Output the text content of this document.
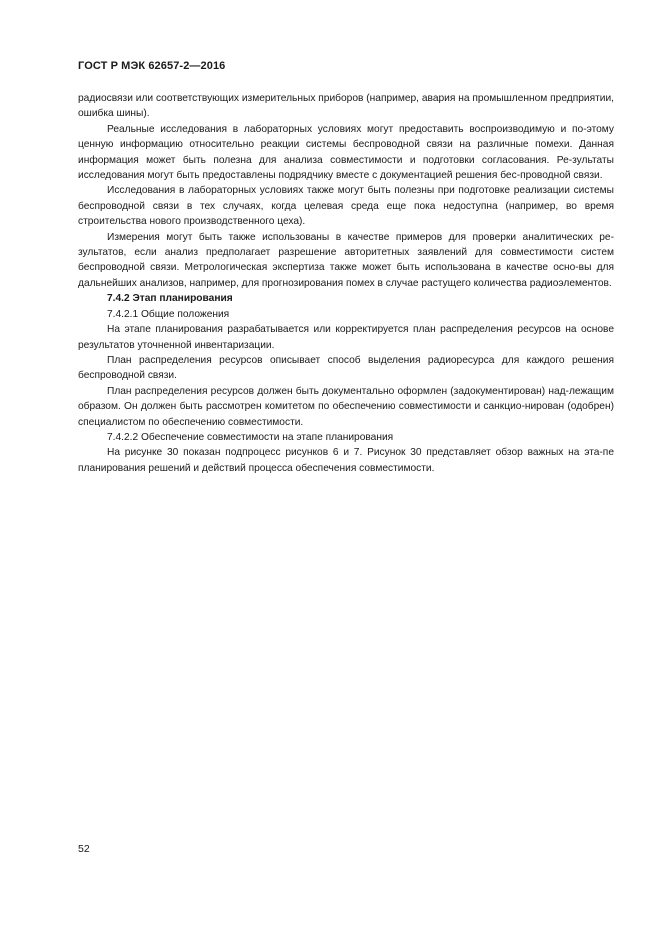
ГОСТ Р МЭК 62657-2—2016

радиосвязи или соответствующих измерительных приборов (например, авария на промышленном предприятии, ошибка шины).

Реальные исследования в лабораторных условиях могут предоставить воспроизводимую и по-этому ценную информацию относительно реакции системы беспроводной связи на различные помехи. Данная информация может быть полезна для анализа совместимости и подготовки согласования. Ре-зультаты исследования могут быть предоставлены подрядчику вместе с документацией решения бес-проводной связи.

Исследования в лабораторных условиях также могут быть полезны при подготовке реализации системы беспроводной связи в тех случаях, когда целевая среда еще пока недоступна (например, во время строительства нового производственного цеха).

Измерения могут быть также использованы в качестве примеров для проверки аналитических ре-зультатов, если анализ предполагает разрешение авторитетных заявлений для совместимости систем беспроводной связи. Метрологическая экспертиза также может быть использована в качестве осно-вы для дальнейших анализов, например, для прогнозирования помех в случае растущего количества радиоэлементов.

7.4.2 Этап планирования

7.4.2.1 Общие положения

На этапе планирования разрабатывается или корректируется план распределения ресурсов на основе результатов уточненной инвентаризации.

План распределения ресурсов описывает способ выделения радиоресурса для каждого решения беспроводной связи.

План распределения ресурсов должен быть документально оформлен (задокументирован) над-лежащим образом. Он должен быть рассмотрен комитетом по обеспечению совместимости и санкцио-нирован (одобрен) специалистом по обеспечению совместимости.

7.4.2.2 Обеспечение совместимости на этапе планирования

На рисунке 30 показан подпроцесс рисунков 6 и 7. Рисунок 30 представляет обзор важных на эта-пе планирования решений и действий процесса обеспечения совместимости.

52
